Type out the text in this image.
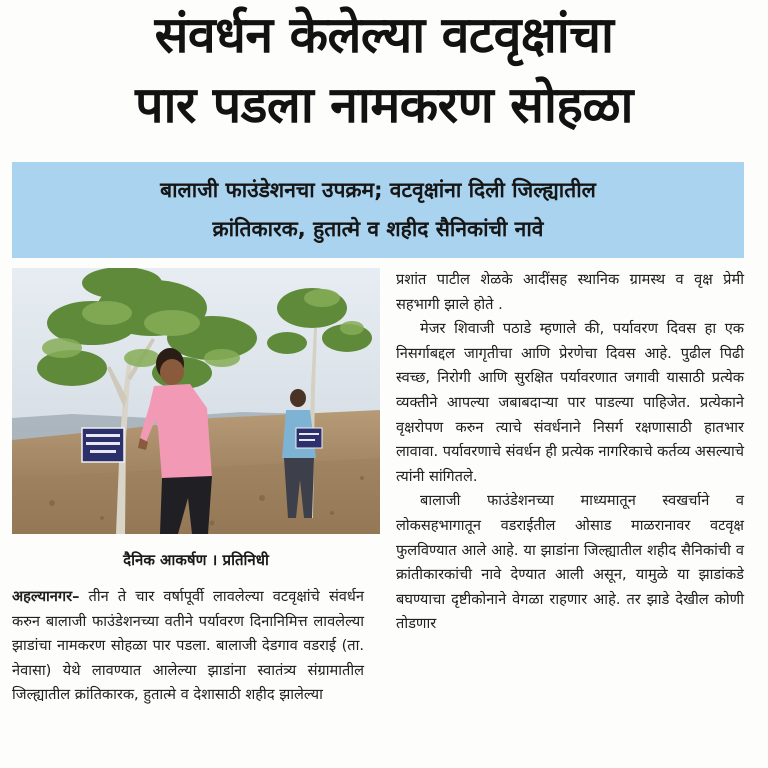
संवर्धन केलेल्या वटवृक्षांचा
पार पडला नामकरण सोहळा
बालाजी फाउंडेशनचा उपक्रम; वटवृक्षांना दिली जिल्ह्यातील
क्रांतिकारक, हुतात्मे व शहीद सैनिकांची नावे
दैनिक आकर्षण । प्रतिनिधी

अहल्यानगर– तीन ते चार वर्षापूर्वी लावलेल्या वटवृक्षांचे संवर्धन करुन बालाजी फाउंडेशनच्या वतीने पर्यावरण दिनानिमित्त लावलेल्या झाडांचा नामकरण सोहळा पार पडला. बालाजी देडगाव वडराई (ता. नेवासा) येथे लावण्यात आलेल्या झाडांना स्वातंत्र्य संग्रामातील जिल्ह्यातील क्रांतिकारक, हुतात्मे व देशासाठी शहीद झालेल्या

प्रशांत पाटील शेळके आदींसह स्थानिक ग्रामस्थ व वृक्ष प्रेमी सहभागी झाले होते .

मेजर शिवाजी पठाडे म्हणाले की, पर्यावरण दिवस हा एक निसर्गाबद्दल जागृतीचा आणि प्रेरणेचा दिवस आहे. पुढील पिढी स्वच्छ, निरोगी आणि सुरक्षित पर्यावरणात जगावी यासाठी प्रत्येक व्यक्तीने आपल्या जबाबदाऱ्या पार पाडल्या पाहिजेत. प्रत्येकाने वृक्षरोपण करुन त्याचे संवर्धनाने निसर्ग रक्षणासाठी हातभार लावावा. पर्यावरणाचे संवर्धन ही प्रत्येक नागरिकाचे कर्तव्य असल्याचे त्यांनी सांगितले.

बालाजी फाउंडेशनच्या माध्यमातून स्वखर्चाने व लोकसहभागातून वडराईतील ओसाड माळरानावर वटवृक्ष फुलविण्यात आले आहे. या झाडांना जिल्ह्यातील शहीद सैनिकांची व क्रांतीकारकांची नावे देण्यात आली असून, यामुळे या झाडांकडे बघण्याचा दृष्टीकोनाने वेगळा राहणार आहे. तर झाडे देखील कोणी तोडणार
